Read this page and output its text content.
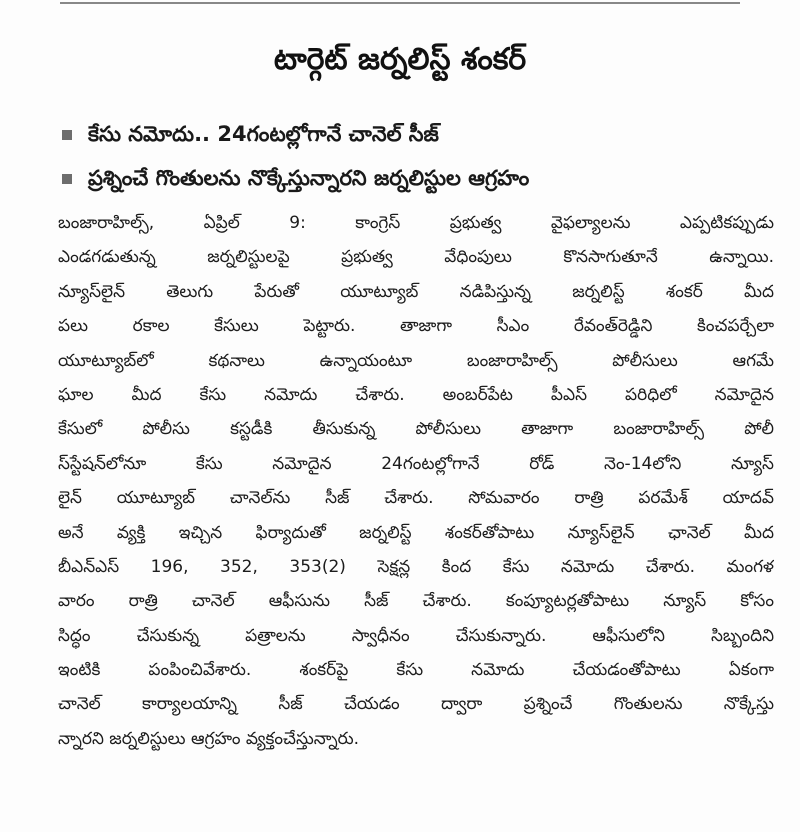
టార్గెట్ జర్నలిస్ట్ శంకర్
కేసు నమోదు.. 24గంటల్లోగానే చానెల్ సీజ్
ప్రశ్నించే గొంతులను నొక్కేస్తున్నారని జర్నలిస్టుల ఆగ్రహం
బంజారాహిల్స్, ఏప్రిల్ 9: కాంగ్రెస్ ప్రభుత్వ వైఫల్యాలను ఎప్పటికప్పుడు
ఎండగడుతున్న జర్నలిస్టులపై ప్రభుత్వ వేధింపులు కొనసాగుతూనే ఉన్నాయి.
న్యూస్‌లైన్ తెలుగు పేరుతో యూట్యూబ్ నడిపిస్తున్న జర్నలిస్ట్ శంకర్ మీద
పలు రకాల కేసులు పెట్టారు. తాజాగా సీఎం రేవంత్‌రెడ్డిని కించపర్చేలా
యూట్యూబ్‌లో కథనాలు ఉన్నాయంటూ బంజారాహిల్స్ పోలీసులు ఆగమే
ఘాల మీద కేసు నమోదు చేశారు. అంబర్‌పేట పీఎస్ పరిధిలో నమోదైన
కేసులో పోలీసు కస్టడీకి తీసుకున్న పోలీసులు తాజాగా బంజారాహిల్స్ పోలీ
స్‌స్టేషన్‌లోనూ కేసు నమోదైన 24గంటల్లోగానే రోడ్ నెం-14లోని న్యూస్
లైన్ యూట్యూబ్ చానెల్‌ను సీజ్ చేశారు. సోమవారం రాత్రి పరమేశ్ యాదవ్
అనే వ్యక్తి ఇచ్చిన ఫిర్యాదుతో జర్నలిస్ట్ శంకర్‌తోపాటు న్యూస్‌లైన్ ఛానెల్ మీద
బీఎన్ఎస్ 196, 352, 353(2) సెక్షన్ల కింద కేసు నమోదు చేశారు. మంగళ
వారం రాత్రి చానెల్ ఆఫీసును సీజ్ చేశారు. కంప్యూటర్లతోపాటు న్యూస్ కోసం
సిద్ధం చేసుకున్న పత్రాలను స్వాధీనం చేసుకున్నారు. ఆఫీసులోని సిబ్బందిని
ఇంటికి పంపించివేశారు. శంకర్‌పై కేసు నమోదు చేయడంతోపాటు ఏకంగా
చానెల్ కార్యాలయాన్ని సీజ్ చేయడం ద్వారా ప్రశ్నించే గొంతులను నొక్కేస్తు
న్నారని జర్నలిస్టులు ఆగ్రహం వ్యక్తంచేస్తున్నారు.
